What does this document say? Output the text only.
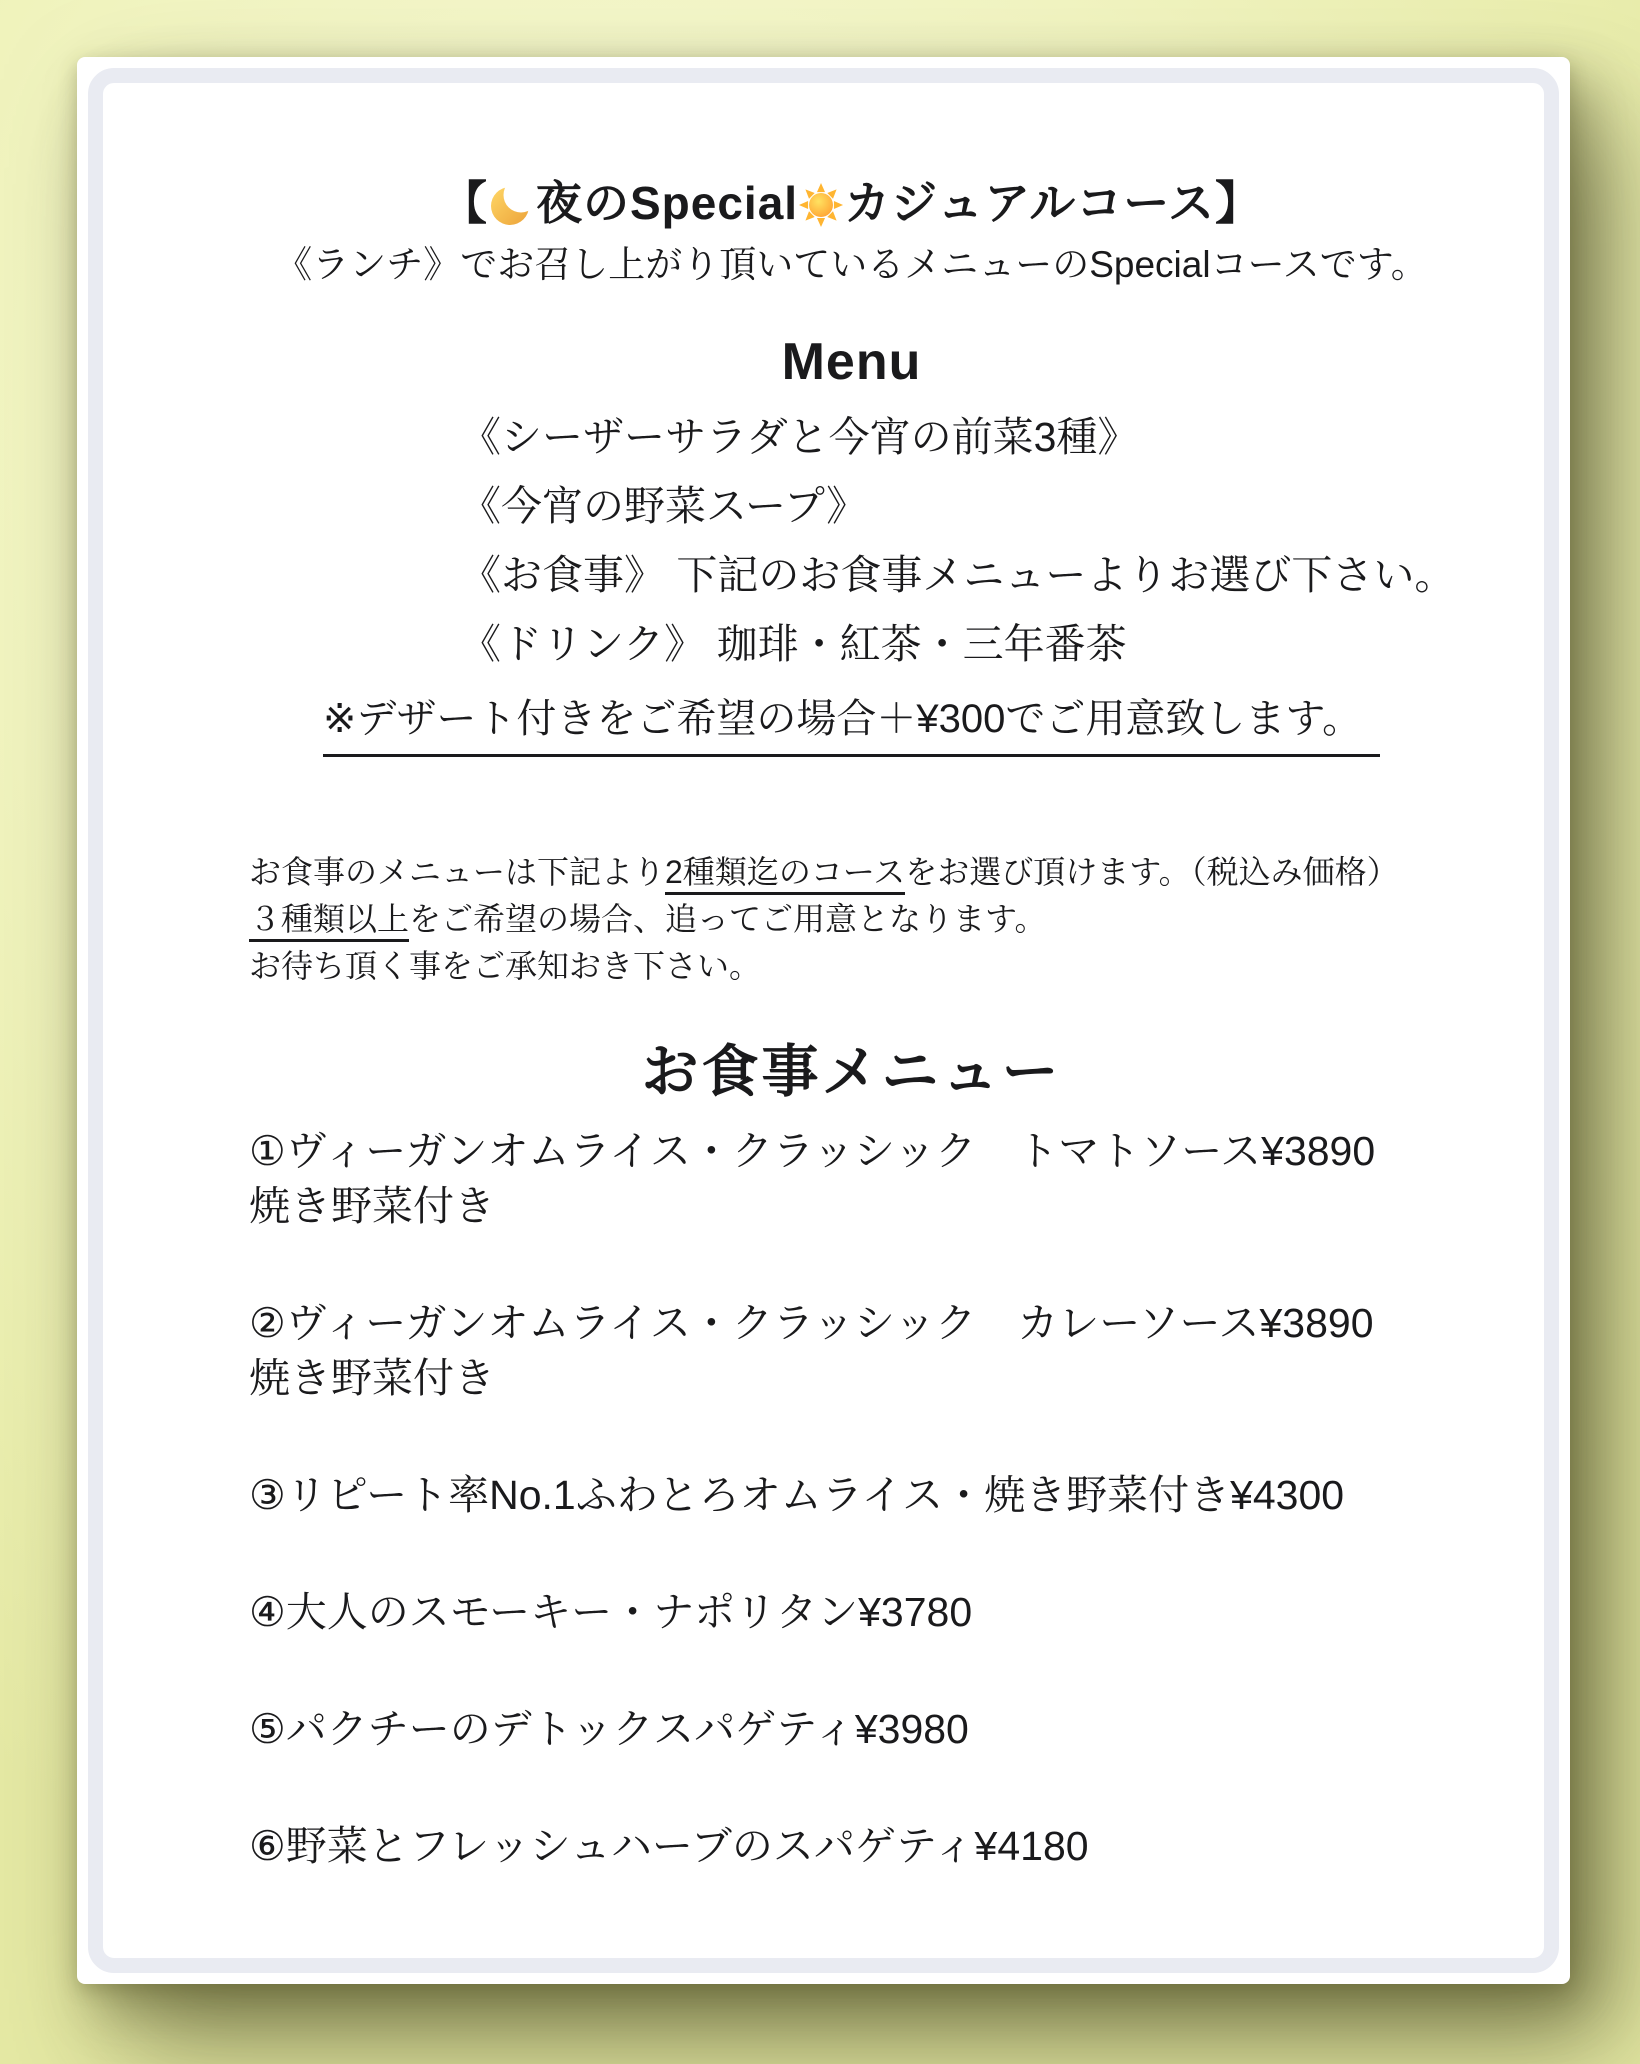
【 夜のSpecial カジュアルコース】

《ランチ》でお召し上がり頂いているメニューのSpecialコースです。

Menu

《シーザーサラダと今宵の前菜3種》

《今宵の野菜スープ》

《お食事》 下記のお食事メニューよりお選び下さい。

《ドリンク》 珈琲・紅茶・三年番茶

※デザート付きをご希望の場合＋¥300でご用意致します。

お食事のメニューは下記より2種類迄のコースをお選び頂けます。（税込み価格）

３種類以上をご希望の場合、追ってご用意となります。

お待ち頂く事をご承知おき下さい。

お食事メニュー

①ヴィーガンオムライス・クラッシック　トマトソース¥3890
焼き野菜付き

②ヴィーガンオムライス・クラッシック　カレーソース¥3890
焼き野菜付き

③リピート率No.1ふわとろオムライス・焼き野菜付き¥4300

④大人のスモーキー・ナポリタン¥3780

⑤パクチーのデトックスパゲティ¥3980

⑥野菜とフレッシュハーブのスパゲティ¥4180
